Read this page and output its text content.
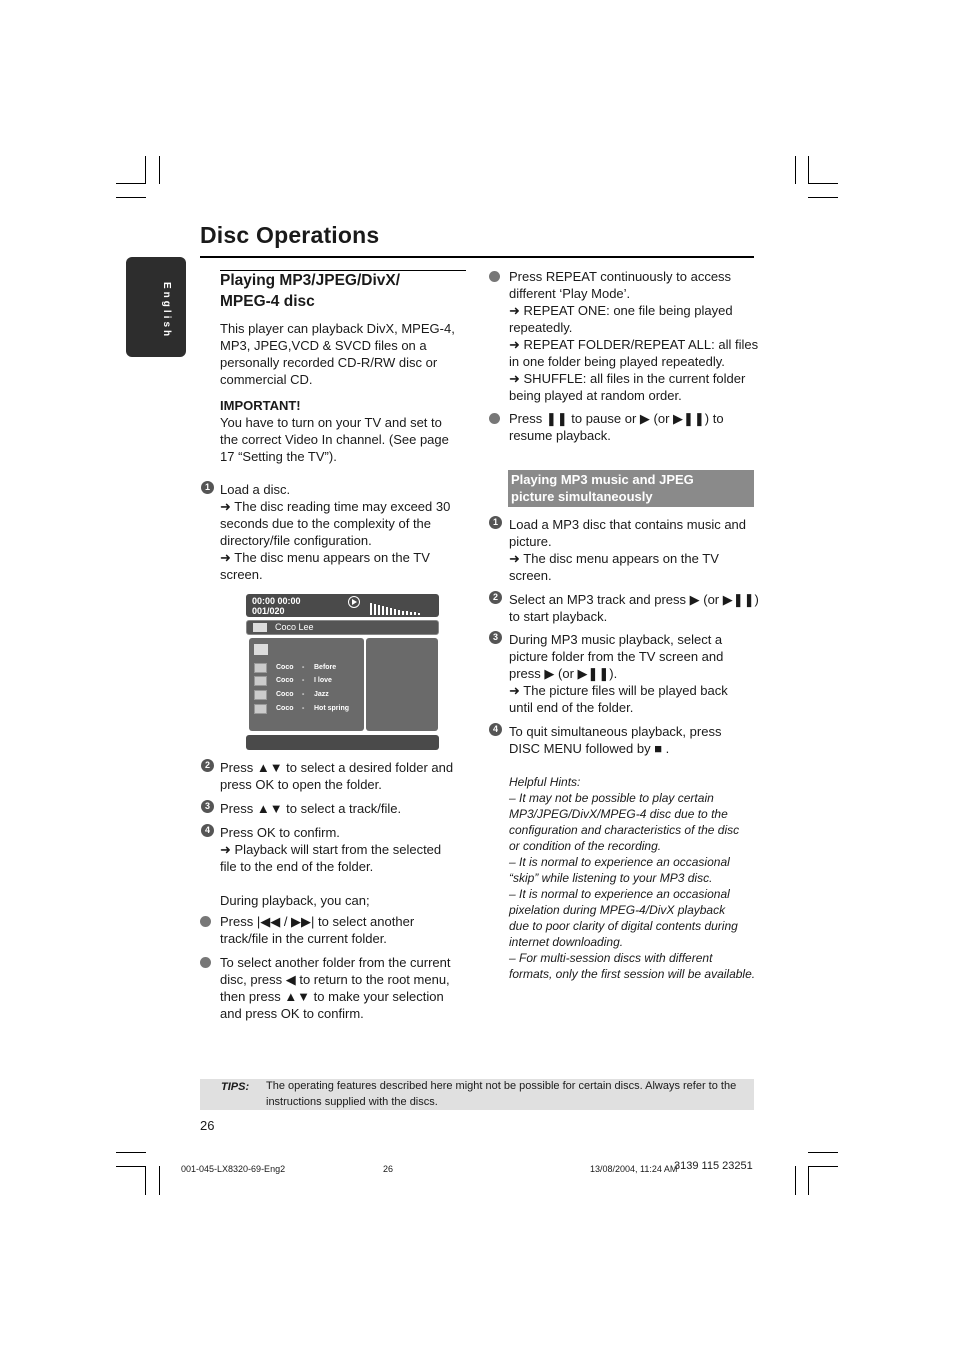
English
Disc Operations
Playing MP3/JPEG/DivX/
MPEG-4 disc
This player can playback DivX, MPEG-4,
MP3, JPEG,VCD & SVCD files on a
personally recorded CD-R/RW disc or
commercial CD.
IMPORTANT!
You have to turn on your TV and set to
the correct Video In channel. (See page
17 “Setting the TV”).
1 Load a disc.
➜ The disc reading time may exceed 30
seconds due to the complexity of the
directory/file configuration.
➜ The disc menu appears on the TV
screen.
00:00 00:00
001/020
Coco Lee
Coco - Before
Coco - I love
Coco - Jazz
Coco - Hot spring
2 Press ▲▼ to select a desired folder and
press OK to open the folder.
3 Press ▲▼ to select a track/file.
4 Press OK to confirm.
➜ Playback will start from the selected
file to the end of the folder.
During playback, you can;
Press |◀◀ / ▶▶| to select another
track/file in the current folder.
To select another folder from the current
disc, press ◀ to return to the root menu,
then press ▲▼ to make your selection
and press OK to confirm.
Press REPEAT continuously to access
different ‘Play Mode’.
➜ REPEAT ONE: one file being played
repeatedly.
➜ REPEAT FOLDER/REPEAT ALL: all files
in one folder being played repeatedly.
➜ SHUFFLE: all files in the current folder
being played at random order.
Press ❚❚ to pause or ▶ (or ▶❚❚) to
resume playback.
Playing MP3 music and JPEG
picture simultaneously
1 Load a MP3 disc that contains music and
picture.
➜ The disc menu appears on the TV
screen.
2 Select an MP3 track and press ▶ (or ▶❚❚)
to start playback.
3 During MP3 music playback, select a
picture folder from the TV screen and
press ▶ (or ▶❚❚).
➜ The picture files will be played back
until end of the folder.
4 To quit simultaneous playback, press
DISC MENU followed by ■ .
Helpful Hints:
– It may not be possible to play certain
MP3/JPEG/DivX/MPEG-4 disc due to the
configuration and characteristics of the disc
or condition of the recording.
– It is normal to experience an occasional
“skip” while listening to your MP3 disc.
– It is normal to experience an occasional
pixelation during MPEG-4/DivX playback
due to poor clarity of digital contents during
internet downloading.
– For multi-session discs with different
formats, only the first session will be available.
TIPS: The operating features described here might not be possible for certain discs. Always refer to the instructions supplied with the discs.
26
001-045-LX8320-69-Eng2	26	13/08/2004, 11:24 AM
3139 115 23251
